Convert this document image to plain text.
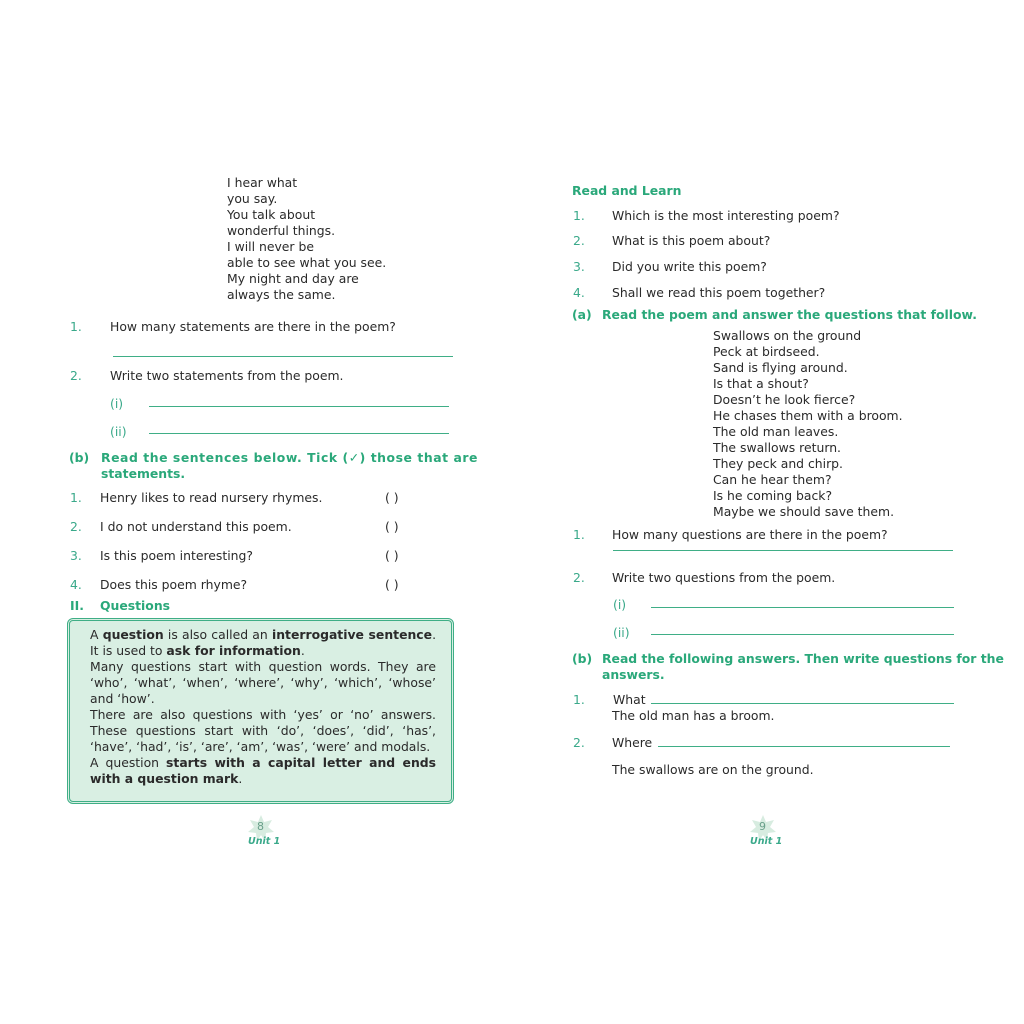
I hear what
you say.
You talk about
wonderful things.
I will never be
able to see what you see.
My night and day are
always the same.
1. How many statements are there in the poem?
2. Write two statements from the poem.
(i)
(ii)
(b) Read the sentences below. Tick (✓) those that are
statements.
1. Henry likes to read nursery rhymes.	( )
2. I do not understand this poem.	( )
3. Is this poem interesting?	( )
4. Does this poem rhyme?	( )
II. Questions

A question is also called an interrogative sentence. It is used to ask for information.

Many questions start with question words. They are ‘who’, ‘what’, ‘when’, ‘where’, ‘why’, ‘which’, ‘whose’ and ‘how’.

There are also questions with ‘yes’ or ‘no’ answers. These questions start with ‘do’, ‘does’, ‘did’, ‘has’, ‘have’, ‘had’, ‘is’, ‘are’, ‘am’, ‘was’, ‘were’ and modals.

A question starts with a capital letter and ends with a question mark.

8
Unit 1
Read and Learn
1. Which is the most interesting poem?
2. What is this poem about?
3. Did you write this poem?
4. Shall we read this poem together?
(a) Read the poem and answer the questions that follow.
Swallows on the ground
Peck at birdseed.
Sand is flying around.
Is that a shout?
Doesn’t he look fierce?
He chases them with a broom.
The old man leaves.
The swallows return.
They peck and chirp.
Can he hear them?
Is he coming back?
Maybe we should save them.
1. How many questions are there in the poem?
2. Write two questions from the poem.
(i)
(ii)
(b) Read the following answers. Then write questions for the
answers.
1. What
The old man has a broom.
2. Where
The swallows are on the ground.
9
Unit 1
